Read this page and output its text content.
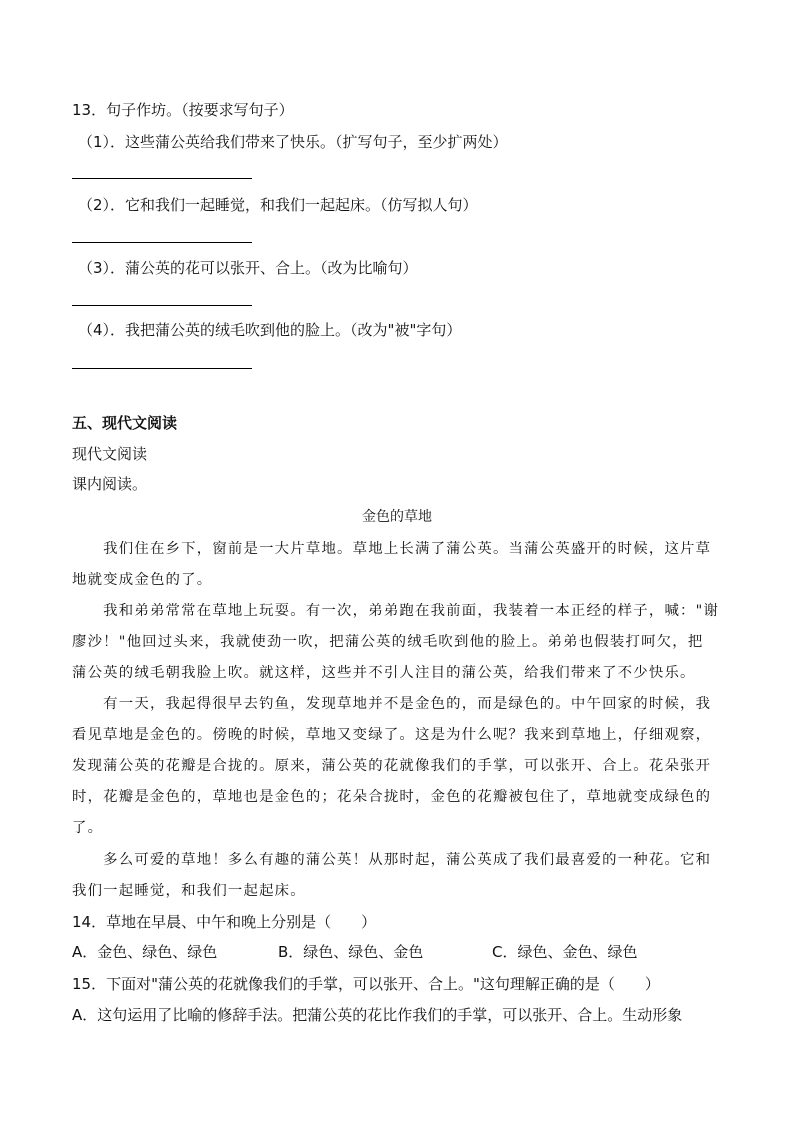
13．句子作坊。（按要求写句子）
（1）．这些蒲公英给我们带来了快乐。（扩写句子，至少扩两处）
（2）．它和我们一起睡觉，和我们一起起床。（仿写拟人句）
（3）．蒲公英的花可以张开、合上。（改为比喻句）
（4）．我把蒲公英的绒毛吹到他的脸上。（改为"被"字句）
五、现代文阅读
现代文阅读
课内阅读。
金色的草地
　　我们住在乡下，窗前是一大片草地。草地上长满了蒲公英。当蒲公英盛开的时候，这片草
地就变成金色的了。
　　我和弟弟常常在草地上玩耍。有一次，弟弟跑在我前面，我装着一本正经的样子，喊："谢
廖沙！"他回过头来，我就使劲一吹，把蒲公英的绒毛吹到他的脸上。弟弟也假装打呵欠，把
蒲公英的绒毛朝我脸上吹。就这样，这些并不引人注目的蒲公英，给我们带来了不少快乐。
　　有一天，我起得很早去钓鱼，发现草地并不是金色的，而是绿色的。中午回家的时候，我
看见草地是金色的。傍晚的时候，草地又变绿了。这是为什么呢？我来到草地上，仔细观察，
发现蒲公英的花瓣是合拢的。原来，蒲公英的花就像我们的手掌，可以张开、合上。花朵张开
时，花瓣是金色的，草地也是金色的；花朵合拢时，金色的花瓣被包住了，草地就变成绿色的
了。
　　多么可爱的草地！多么有趣的蒲公英！从那时起，蒲公英成了我们最喜爱的一种花。它和
我们一起睡觉，和我们一起起床。
14．草地在早晨、中午和晚上分别是（　　）
A．金色、绿色、绿色	B．绿色、绿色、金色	C．绿色、金色、绿色
15．下面对"蒲公英的花就像我们的手掌，可以张开、合上。"这句理解正确的是（　　）
A．这句运用了比喻的修辞手法。把蒲公英的花比作我们的手掌，可以张开、合上。生动形象
